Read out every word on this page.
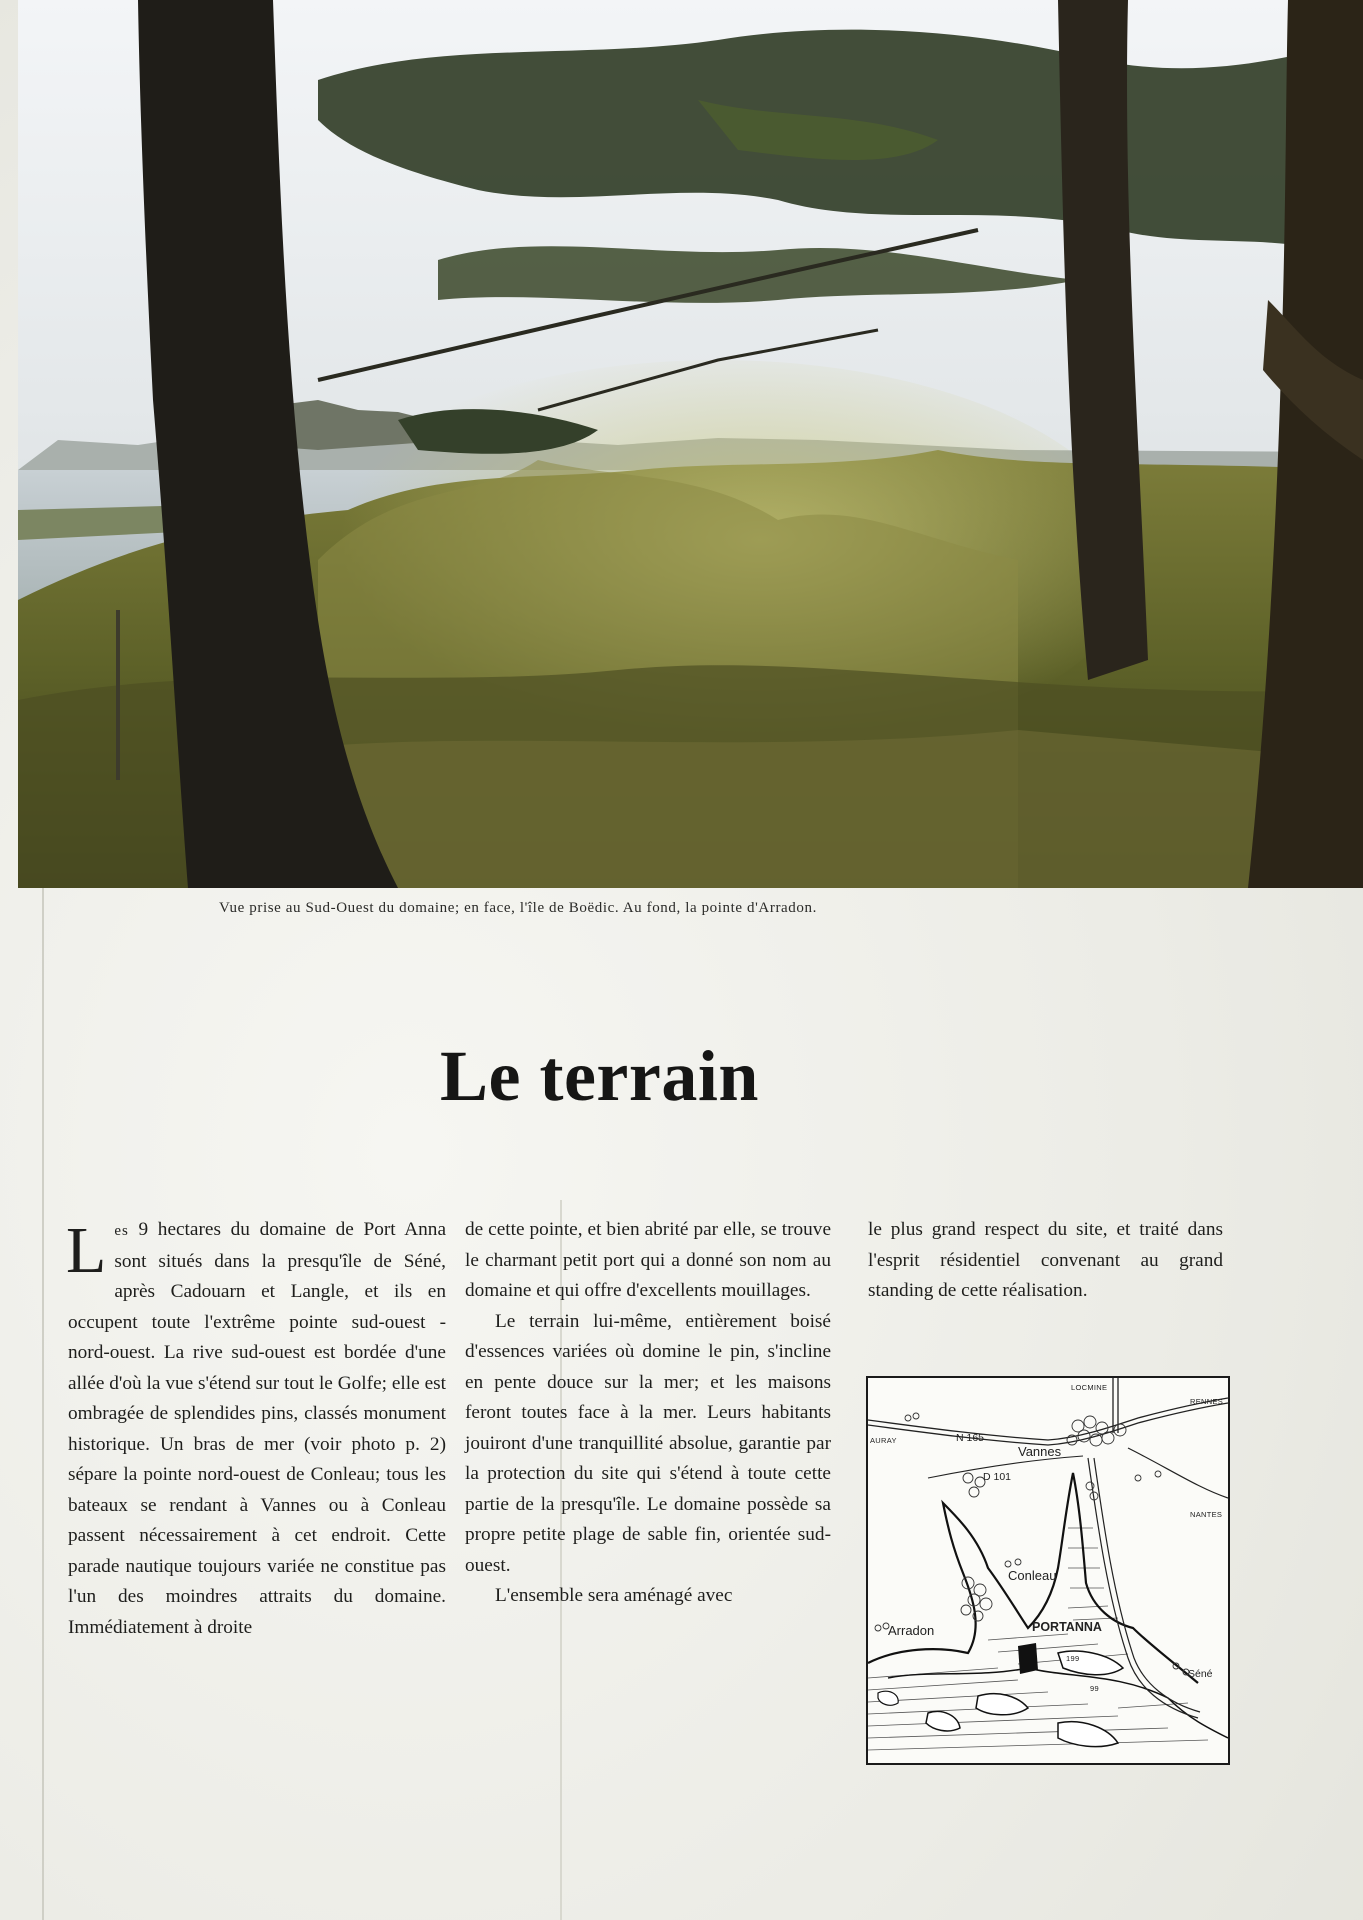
Vue prise au Sud-Ouest du domaine; en face, l'île de Boëdic. Au fond, la pointe d'Arradon.
Le terrain

Les 9 hectares du domaine de Port Anna sont situés dans la presqu'île de Séné, après Cadouarn et Langle, et ils en occupent toute l'extrême pointe sud-ouest - nord-ouest. La rive sud-ouest est bordée d'une allée d'où la vue s'étend sur tout le Golfe; elle est ombragée de splendides pins, classés monument historique. Un bras de mer (voir photo p. 2) sépare la pointe nord-ouest de Conleau; tous les bateaux se rendant à Vannes ou à Conleau passent nécessairement à cet endroit. Cette parade nautique toujours variée ne constitue pas l'un des moindres attraits du domaine. Immédiatement à droite

de cette pointe, et bien abrité par elle, se trouve le charmant petit port qui a donné son nom au domaine et qui offre d'excellents mouillages.

Le terrain lui-même, entièrement boisé d'essences variées où domine le pin, s'incline en pente douce sur la mer; et les maisons feront toutes face à la mer. Leurs habitants jouiront d'une tranquillité absolue, garantie par la protection du site qui s'étend à toute cette partie de la presqu'île. Le domaine possède sa propre petite plage de sable fin, orientée sud-ouest.

L'ensemble sera aménagé avec

le plus grand respect du site, et traité dans l'esprit résidentiel convenant au grand standing de cette réalisation.

LOCMINE
RENNES
AURAY	N 165
Vannes
D 101
NANTES
Conleau
PORTANNA
Arradon
199
99
Séné
